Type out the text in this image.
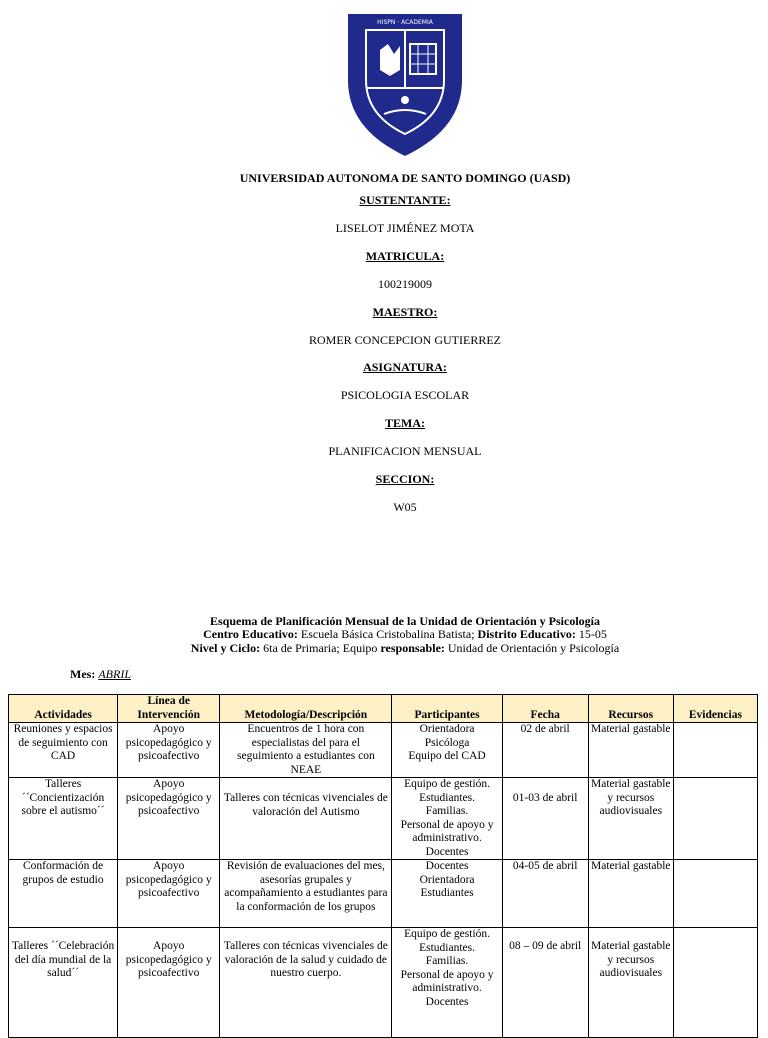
HISPN · ACADEMIA
UNIVERSIDAD AUTONOMA DE SANTO DOMINGO (UASD)
SUSTENTANTE:
LISELOT JIMÉNEZ MOTA
MATRICULA:
100219009
MAESTRO:
ROMER CONCEPCION GUTIERREZ
ASIGNATURA:
PSICOLOGIA ESCOLAR
TEMA:
PLANIFICACION MENSUAL
SECCION:
W05
Esquema de Planificación Mensual de la Unidad de Orientación y Psicología
Centro Educativo: Escuela Básica Cristobalina Batista; Distrito Educativo: 15-05
Nivel y Ciclo: 6ta de Primaria; Equipo responsable: Unidad de Orientación y Psicología
Mes: ABRIL
Actividades	Línea de Intervención	Metodología/Descripción	Participantes	Fecha	Recursos	Evidencias
Reuniones y espacios de seguimiento con CAD	Apoyo psicopedagógico y psicoafectivo	Encuentros de 1 hora con especialistas del para el seguimiento a estudiantes con NEAE	Orientadora
Psicóloga
Equipo del CAD	02 de abril	Material gastable	
Talleres ´´Concientización sobre el autismo´´	Apoyo psicopedagógico y psicoafectivo	Talleres con técnicas vivenciales de valoración del Autismo	Equipo de gestión.
Estudiantes.
Familias.
Personal de apoyo y administrativo.
Docentes	01-03 de abril	Material gastable y recursos audiovisuales	
Conformación de grupos de estudio	Apoyo psicopedagógico y psicoafectivo	Revisión de evaluaciones del mes, asesorías grupales y acompañamiento a estudiantes para la conformación de los grupos	Docentes
Orientadora
Estudiantes	04-05 de abril	Material gastable	
Talleres ´´Celebración del día mundial de la salud´´	Apoyo psicopedagógico y psicoafectivo	Talleres con técnicas vivenciales de valoración de la salud y cuidado de nuestro cuerpo.	Equipo de gestión.
Estudiantes.
Familias.
Personal de apoyo y administrativo.
Docentes	08 – 09 de abril	Material gastable y recursos audiovisuales	
